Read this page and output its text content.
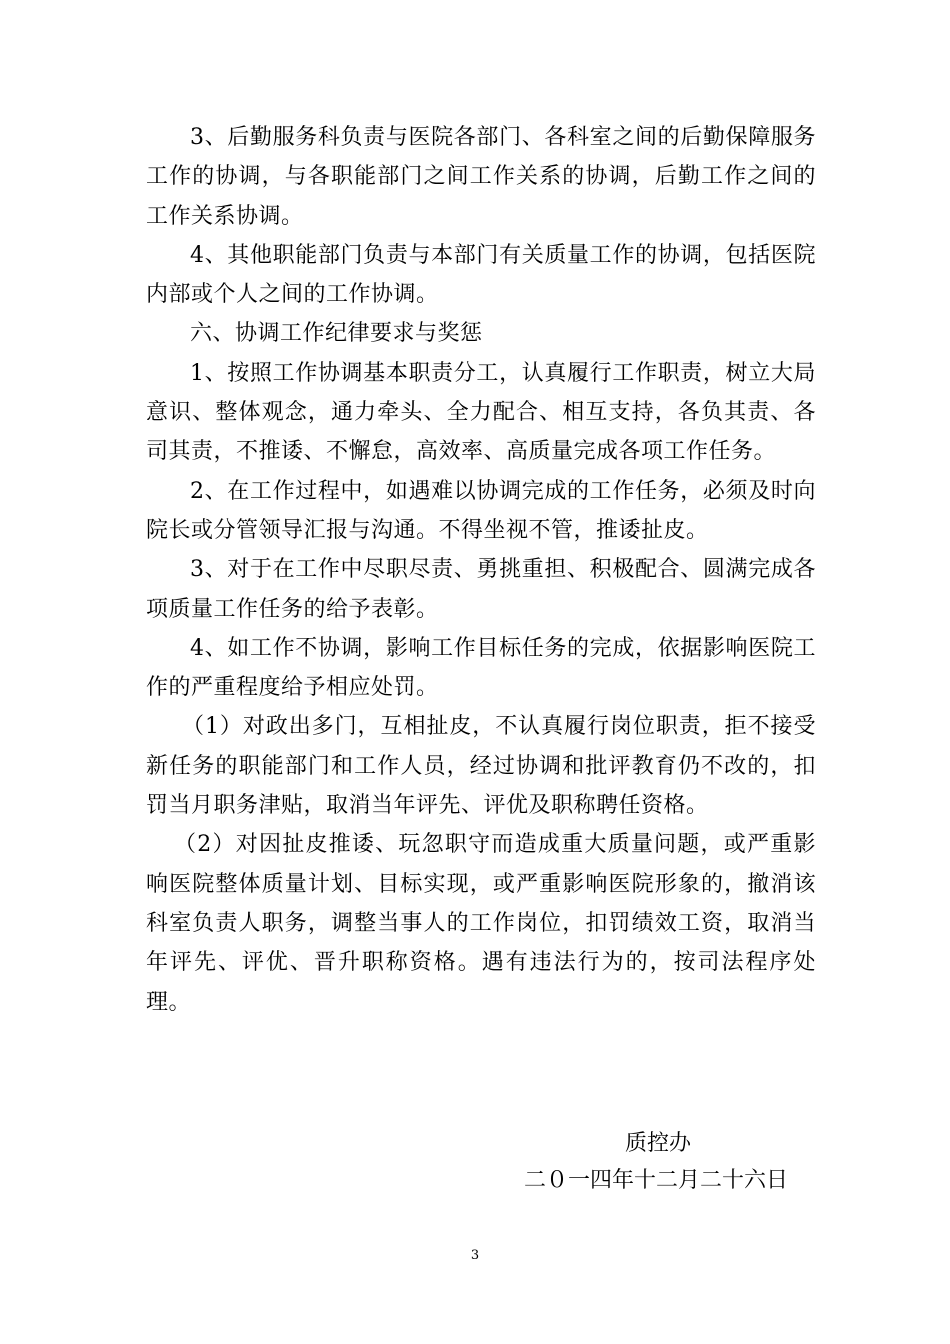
3、后勤服务科负责与医院各部门、各科室之间的后勤保障服务工作的协调，与各职能部门之间工作关系的协调，后勤工作之间的工作关系协调。

4、其他职能部门负责与本部门有关质量工作的协调，包括医院内部或个人之间的工作协调。

六、协调工作纪律要求与奖惩

1、按照工作协调基本职责分工，认真履行工作职责，树立大局意识、整体观念，通力牵头、全力配合、相互支持，各负其责、各司其责，不推诿、不懈怠，高效率、高质量完成各项工作任务。

2、在工作过程中，如遇难以协调完成的工作任务，必须及时向院长或分管领导汇报与沟通。不得坐视不管，推诿扯皮。

3、对于在工作中尽职尽责、勇挑重担、积极配合、圆满完成各项质量工作任务的给予表彰。

4、如工作不协调，影响工作目标任务的完成，依据影响医院工作的严重程度给予相应处罚。

（1）对政出多门，互相扯皮，不认真履行岗位职责，拒不接受新任务的职能部门和工作人员，经过协调和批评教育仍不改的，扣罚当月职务津贴，取消当年评先、评优及职称聘任资格。

（2）对因扯皮推诿、玩忽职守而造成重大质量问题，或严重影响医院整体质量计划、目标实现，或严重影响医院形象的，撤消该科室负责人职务，调整当事人的工作岗位，扣罚绩效工资，取消当年评先、评优、晋升职称资格。遇有违法行为的，按司法程序处理。

质控办
二０一四年十二月二十六日
3
